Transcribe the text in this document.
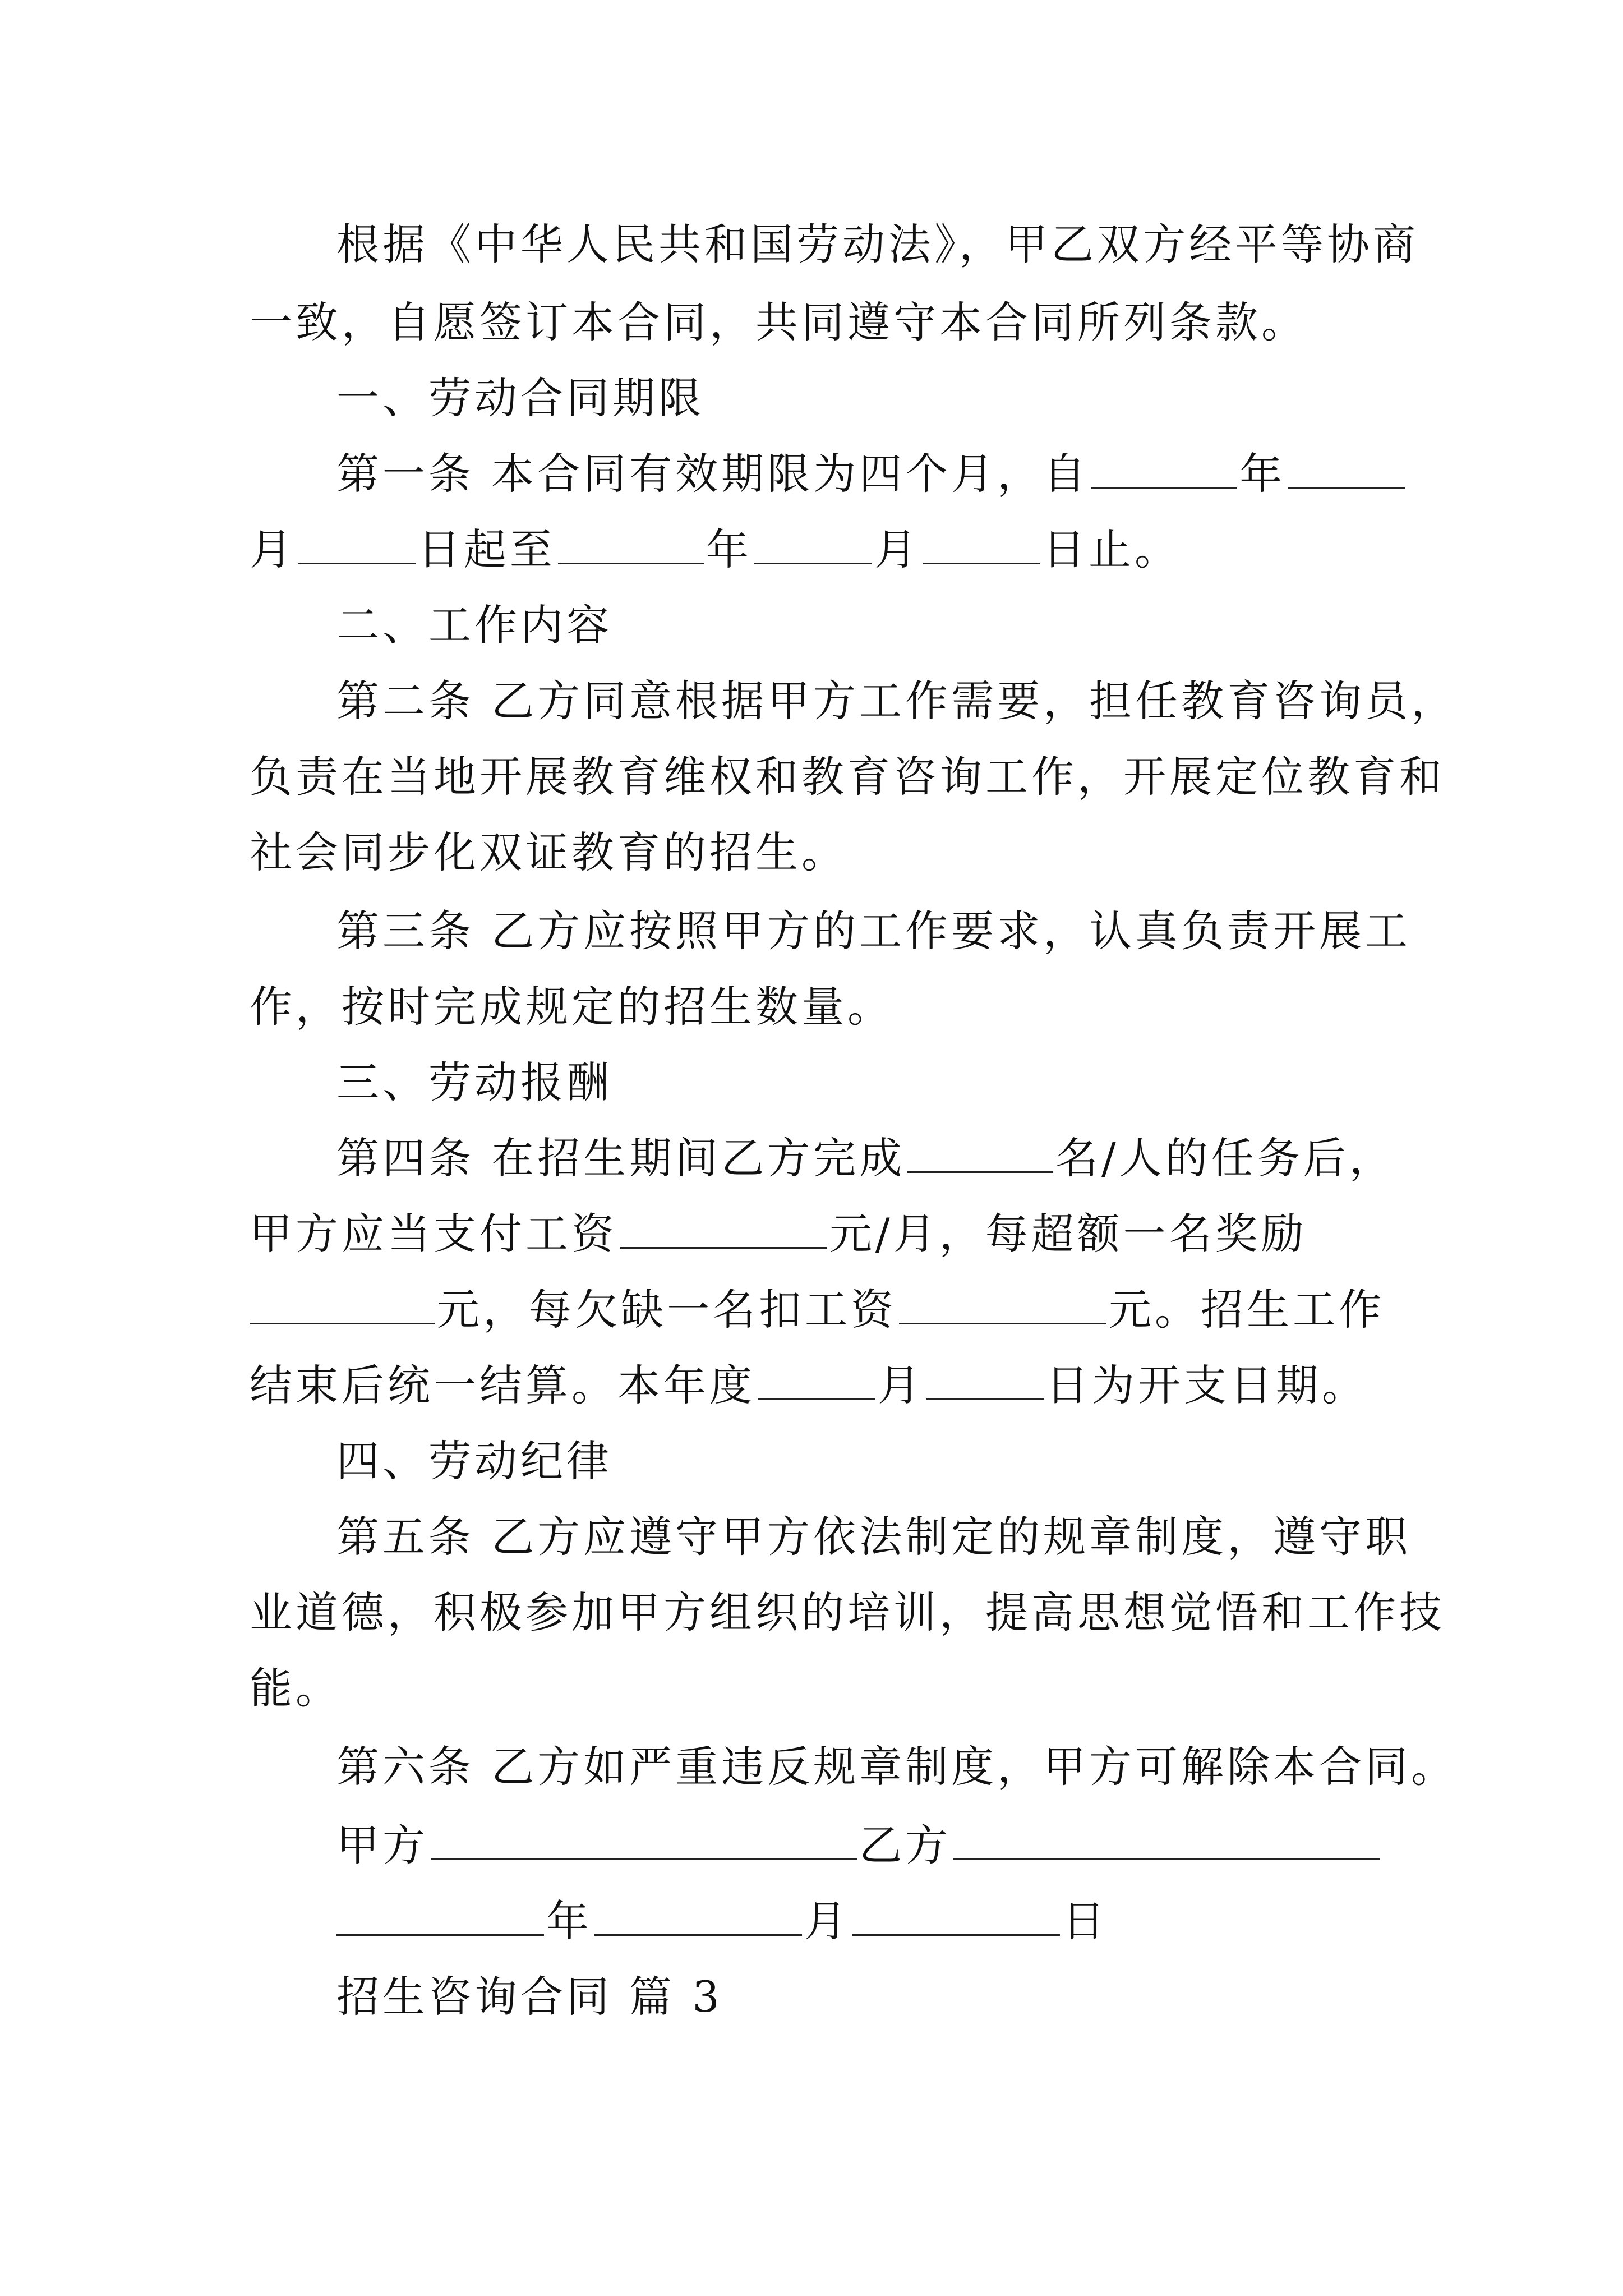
根据《中华人民共和国劳动法》，甲乙双方经平等协商
一致，自愿签订本合同，共同遵守本合同所列条款。
一、劳动合同期限
第一条 本合同有效期限为四个月，自	年
月	日起至	年	月	日止。
二、工作内容
第二条 乙方同意根据甲方工作需要，担任教育咨询员，
负责在当地开展教育维权和教育咨询工作，开展定位教育和
社会同步化双证教育的招生。
第三条 乙方应按照甲方的工作要求，认真负责开展工
作，按时完成规定的招生数量。
三、劳动报酬
第四条 在招生期间乙方完成	名/人的任务后，
甲方应当支付工资	元/月，每超额一名奖励
元，每欠缺一名扣工资	元。招生工作
结束后统一结算。本年度	月	日为开支日期。
四、劳动纪律
第五条 乙方应遵守甲方依法制定的规章制度，遵守职
业道德，积极参加甲方组织的培训，提高思想觉悟和工作技
能。
第六条 乙方如严重违反规章制度，甲方可解除本合同。
甲方	乙方
年	月	日
招生咨询合同 篇 3
